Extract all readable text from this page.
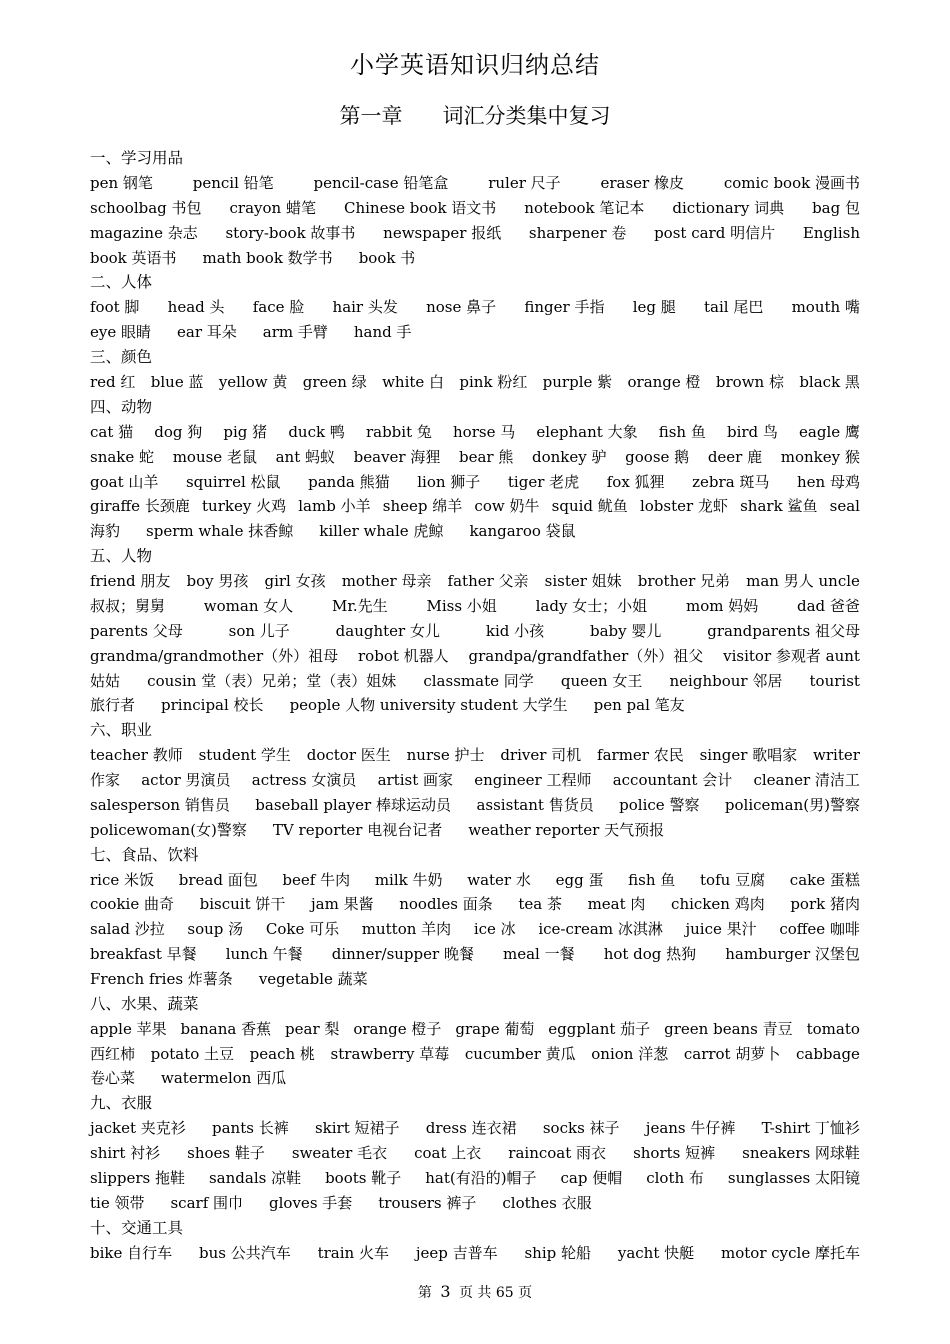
小学英语知识归纳总结
第一章 词汇分类集中复习
一、学习用品
pen 钢笔	pencil 铅笔	pencil-case 铅笔盒	ruler 尺子	eraser 橡皮	comic book 漫画书
schoolbag 书包 crayon 蜡笔 Chinese book 语文书 notebook 笔记本 dictionary 词典 bag 包
magazine 杂志 story-book 故事书 newspaper 报纸 sharpener 卷 post card 明信片 English
book 英语书 math book 数学书 book 书
二、人体
foot 脚 head 头 face 脸 hair 头发 nose 鼻子 finger 手指 leg 腿 tail 尾巴 mouth 嘴
eye 眼睛 ear 耳朵 arm 手臂 hand 手
三、颜色
red 红 blue 蓝 yellow 黄 green 绿 white 白 pink 粉红 purple 紫 orange 橙 brown 棕 black 黑
四、动物
cat 猫 dog 狗 pig 猪 duck 鸭 rabbit 兔 horse 马 elephant 大象 fish 鱼 bird 鸟 eagle 鹰
snake 蛇 mouse 老鼠 ant 蚂蚁 beaver 海狸 bear 熊 donkey 驴 goose 鹅 deer 鹿 monkey 猴
goat 山羊 squirrel 松鼠 panda 熊猫 lion 狮子 tiger 老虎 fox 狐狸 zebra 斑马 hen 母鸡
giraffe 长颈鹿 turkey 火鸡 lamb 小羊 sheep 绵羊 cow 奶牛 squid 鱿鱼 lobster 龙虾 shark 鲨鱼 seal
海豹 sperm whale 抹香鲸 killer whale 虎鲸 kangaroo 袋鼠
五、人物
friend 朋友 boy 男孩 girl 女孩 mother 母亲 father 父亲 sister 姐妹 brother 兄弟 man 男人 uncle
叔叔；舅舅	woman 女人	Mr.先生	Miss 小姐	lady 女士；小姐	mom 妈妈	dad 爸爸
parents 父母	son 儿子	daughter 女儿	kid 小孩	baby 婴儿	grandparents 祖父母
grandma/grandmother（外）祖母 robot 机器人 grandpa/grandfather（外）祖父 visitor 参观者 aunt
姑姑 cousin 堂（表）兄弟；堂（表）姐妹 classmate 同学 queen 女王 neighbour 邻居 tourist
旅行者 principal 校长 people 人物 university student 大学生 pen pal 笔友
六、职业
teacher 教师 student 学生 doctor 医生 nurse 护士 driver 司机 farmer 农民 singer 歌唱家 writer
作家 actor 男演员 actress 女演员 artist 画家 engineer 工程师 accountant 会计 cleaner 清洁工
salesperson 销售员 baseball player 棒球运动员 assistant 售货员 police 警察 policeman(男)警察
policewoman(女)警察 TV reporter 电视台记者 weather reporter 天气预报
七、食品、饮料
rice 米饭 bread 面包 beef 牛肉 milk 牛奶 water 水 egg 蛋 fish 鱼 tofu 豆腐 cake 蛋糕
cookie 曲奇 biscuit 饼干 jam 果酱 noodles 面条 tea 茶 meat 肉 chicken 鸡肉 pork 猪肉
salad 沙拉 soup 汤 Coke 可乐 mutton 羊肉 ice 冰 ice-cream 冰淇淋 juice 果汁 coffee 咖啡
breakfast 早餐 lunch 午餐 dinner/supper 晚餐 meal 一餐 hot dog 热狗 hamburger 汉堡包
French fries 炸薯条 vegetable 蔬菜
八、水果、蔬菜
apple 苹果 banana 香蕉 pear 梨 orange 橙子 grape 葡萄 eggplant 茄子 green beans 青豆 tomato
西红柿 potato 土豆 peach 桃 strawberry 草莓 cucumber 黄瓜 onion 洋葱 carrot 胡萝卜 cabbage
卷心菜 watermelon 西瓜
九、衣服
jacket 夹克衫 pants 长裤 skirt 短裙子 dress 连衣裙 socks 袜子 jeans 牛仔裤 T-shirt 丁恤衫
shirt 衬衫 shoes 鞋子 sweater 毛衣 coat 上衣 raincoat 雨衣 shorts 短裤 sneakers 网球鞋
slippers 拖鞋 sandals 凉鞋 boots 靴子 hat(有沿的)帽子 cap 便帽 cloth 布 sunglasses 太阳镜
tie 领带 scarf 围巾 gloves 手套 trousers 裤子 clothes 衣服
十、交通工具
bike 自行车 bus 公共汽车 train 火车 jeep 吉普车 ship 轮船 yacht 快艇 motor cycle 摩托车
第 3 页 共 65 页
